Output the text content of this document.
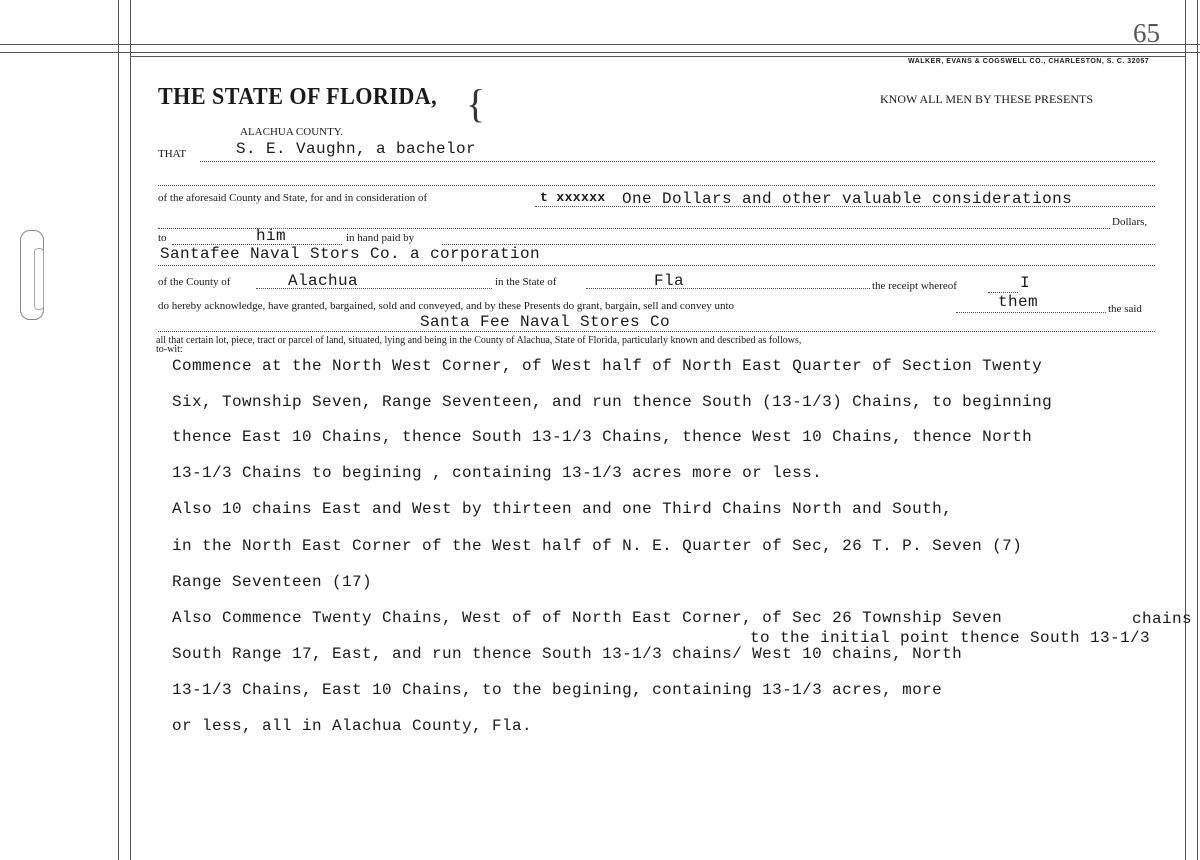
65
WALKER, EVANS & COGSWELL CO., CHARLESTON, S. C. 32057
THE STATE OF FLORIDA, {	KNOW ALL MEN BY THESE PRESENTS
ALACHUA COUNTY.
THAT	S. E. Vaughn, a bachelor
of the aforesaid County and State, for and in consideration of	t xxxxxx One Dollars and other valuable considerations
Dollars,
to	him	in hand paid by
Santafee Naval Stors Co. a corporation
of the County of	Alachua	in the State of	Fla	the receipt whereof	I
do hereby acknowledge, have granted, bargained, sold and conveyed, and by these Presents do grant, bargain, sell and convey unto	them	the said
Santa Fee Naval Stores Co
all that certain lot, piece, tract or parcel of land, situated, lying and being in the County of Alachua, State of Florida, particularly known and described as follows,
to-wit:
Commence at the North West Corner, of West half of North East Quarter of Section Twenty
Six, Township Seven, Range Seventeen, and run thence South (13-1/3) Chains, to beginning
thence East 10 Chains, thence South 13-1/3 Chains, thence West 10 Chains, thence North
13-1/3 Chains to begining , containing 13-1/3 acres more or less.
Also 10 chains East and West by thirteen and one Third Chains North and South,
in the North East Corner of the West half of N. E. Quarter of Sec, 26 T. P. Seven (7)
Range Seventeen (17)
Also Commence Twenty Chains, West of of North East Corner, of Sec 26 Township Seven	chains
to the initial point thence South 13-1/3
South Range 17, East, and run thence South 13-1/3 chains/ West 10 chains, North
13-1/3 Chains, East 10 Chains, to the begining, containing 13-1/3 acres, more
or less, all in Alachua County, Fla.
